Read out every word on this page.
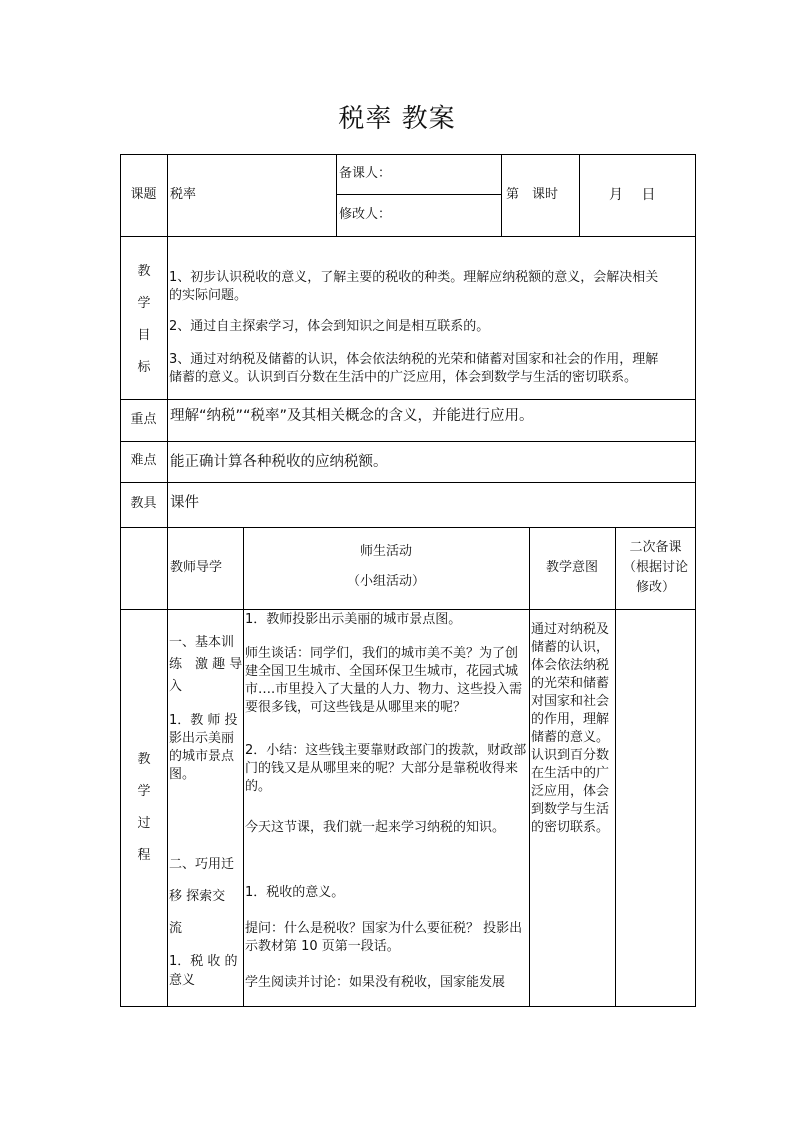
税率 教案
课题	税率
备课人：
修改人：
第　课时	月　 日
教
学
目
标
1、初步认识税收的意义，了解主要的税收的种类。理解应纳税额的意义，会解决相关
的实际问题。
2、通过自主探索学习，体会到知识之间是相互联系的。
3、通过对纳税及储蓄的认识，体会依法纳税的光荣和储蓄对国家和社会的作用，理解
储蓄的意义。认识到百分数在生活中的广泛应用，体会到数学与生活的密切联系。
重点 理解“纳税”“税率”及其相关概念的含义，并能进行应用。
难点 能正确计算各种税收的应纳税额。
教具 课件
教师导学
师生活动
（小组活动）
教学意图
二次备课
（根据讨论
修改）
教
学
过
程
一、基本训
练　激 趣 导
入
1．教 师 投 影出示美丽的城市景点图。
二、巧用迁
移 探索交
流
1．税 收 的
意义
1．教师投影出示美丽的城市景点图。
师生谈话：同学们，我们的城市美不美？为了创建全国卫生城市、全国环保卫生城市，花园式城市….市里投入了大量的人力、物力、这些投入需要很多钱，可这些钱是从哪里来的呢？
2．小结：这些钱主要靠财政部门的拨款，财政部门的钱又是从哪里来的呢？大部分是靠税收得来的。
今天这节课，我们就一起来学习纳税的知识。
1．税收的意义。
提问：什么是税收？国家为什么要征税？ 投影出示教材第 10 页第一段话。
学生阅读并讨论：如果没有税收，国家能发展
通过对纳税及储蓄的认识，体会依法纳税的光荣和储蓄对国家和社会的作用，理解储蓄的意义。认识到百分数在生活中的广泛应用，体会到数学与生活的密切联系。
